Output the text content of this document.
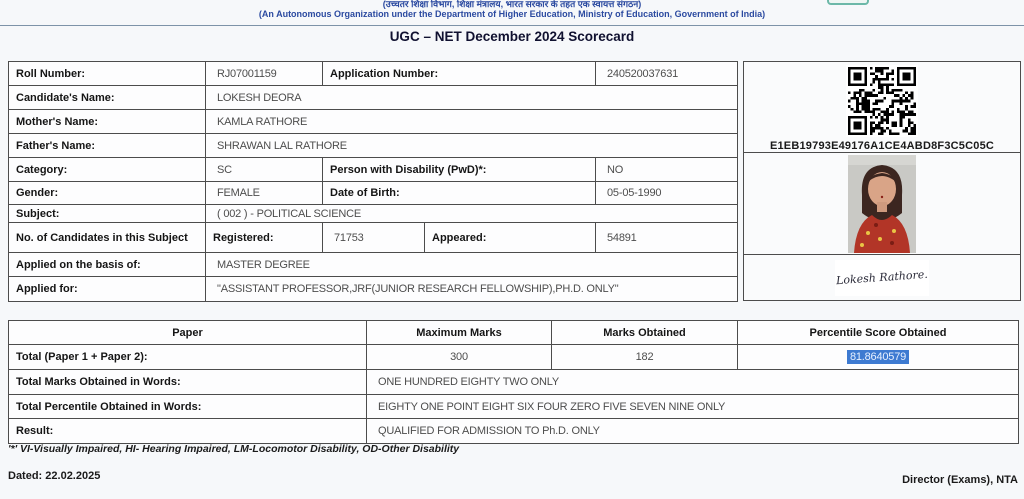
(उच्चतर शिक्षा विभाग, शिक्षा मंत्रालय, भारत सरकार के तहत एक स्वायत्त संगठन)
(An Autonomous Organization under the Department of Higher Education, Ministry of Education, Government of India)
UGC – NET December 2024 Scorecard
Roll Number:	RJ07001159	Application Number:		240520037631
Candidate's Name:	LOKESH DEORA			
Mother's Name:	KAMLA RATHORE			
Father's Name:	SHRAWAN LAL RATHORE			
Category:	SC	Person with Disability (PwD)*:		NO
Gender:	FEMALE	Date of Birth:		05-05-1990
Subject:	( 002 ) - POLITICAL SCIENCE			
No. of Candidates in this Subject	Registered:	71753	Appeared:	54891
Applied on the basis of:	MASTER DEGREE			
Applied for:	"ASSISTANT PROFESSOR,JRF(JUNIOR RESEARCH FELLOWSHIP),PH.D. ONLY"			
E1EB19793E49176A1CE4ABD8F3C5C05C
Lokesh Rathore.
Paper	Maximum Marks	Marks Obtained	Percentile Score Obtained
Total (Paper 1 + Paper 2):	300	182	81.8640579
Total Marks Obtained in Words:	ONE HUNDRED EIGHTY TWO ONLY		
Total Percentile Obtained in Words:	EIGHTY ONE POINT EIGHT SIX FOUR ZERO FIVE SEVEN NINE ONLY		
Result:	QUALIFIED FOR ADMISSION TO Ph.D. ONLY		
'*' VI-Visually Impaired, HI- Hearing Impaired, LM-Locomotor Disability, OD-Other Disability
Dated: 22.02.2025	Director (Exams), NTA
